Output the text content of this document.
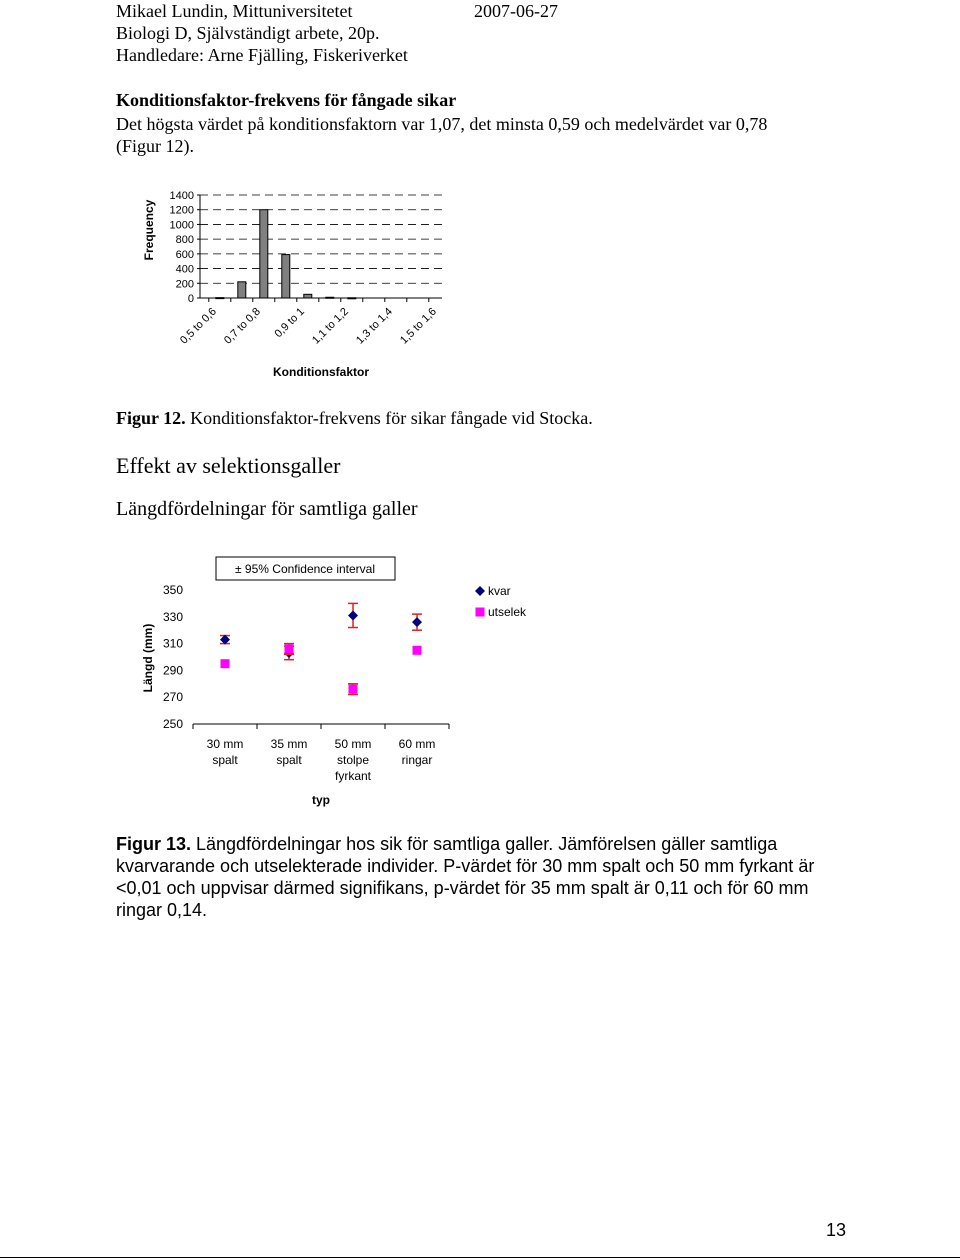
Mikael Lundin, Mittuniversitetet	2007-06-27
Biologi D, Självständigt arbete, 20p.
Handledare: Arne Fjälling, Fiskeriverket
Konditionsfaktor-frekvens för fångade sikar
Det högsta värdet på konditionsfaktorn var 1,07, det minsta 0,59 och medelvärdet var 0,78
(Figur 12).
1400
1200
1000
800
600
400
200
0
0,5 to 0,6 0,7 to 0,8 0,9 to 1 1,1 to 1,2 1,3 to 1,4 1,5 to 1,6
Konditionsfaktor
Frequency
Figur 12. Konditionsfaktor-frekvens för sikar fångade vid Stocka.
Effekt av selektionsgaller
Längdfördelningar för samtliga galler
350
330
310
290
270
250
30 mm
spalt
35 mm
spalt
50 mm
stolpe
fyrkant
60 mm
ringar
typ
Längd (mm)
± 95% Confidence interval
kvar
utselek
Figur 13. Längdfördelningar hos sik för samtliga galler. Jämförelsen gäller samtliga kvarvarande och utselekterade individer. P-värdet för 30 mm spalt och 50 mm fyrkant är <0,01 och uppvisar därmed signifikans, p-värdet för 35 mm spalt är 0,11 och för 60 mm ringar 0,14.
13
